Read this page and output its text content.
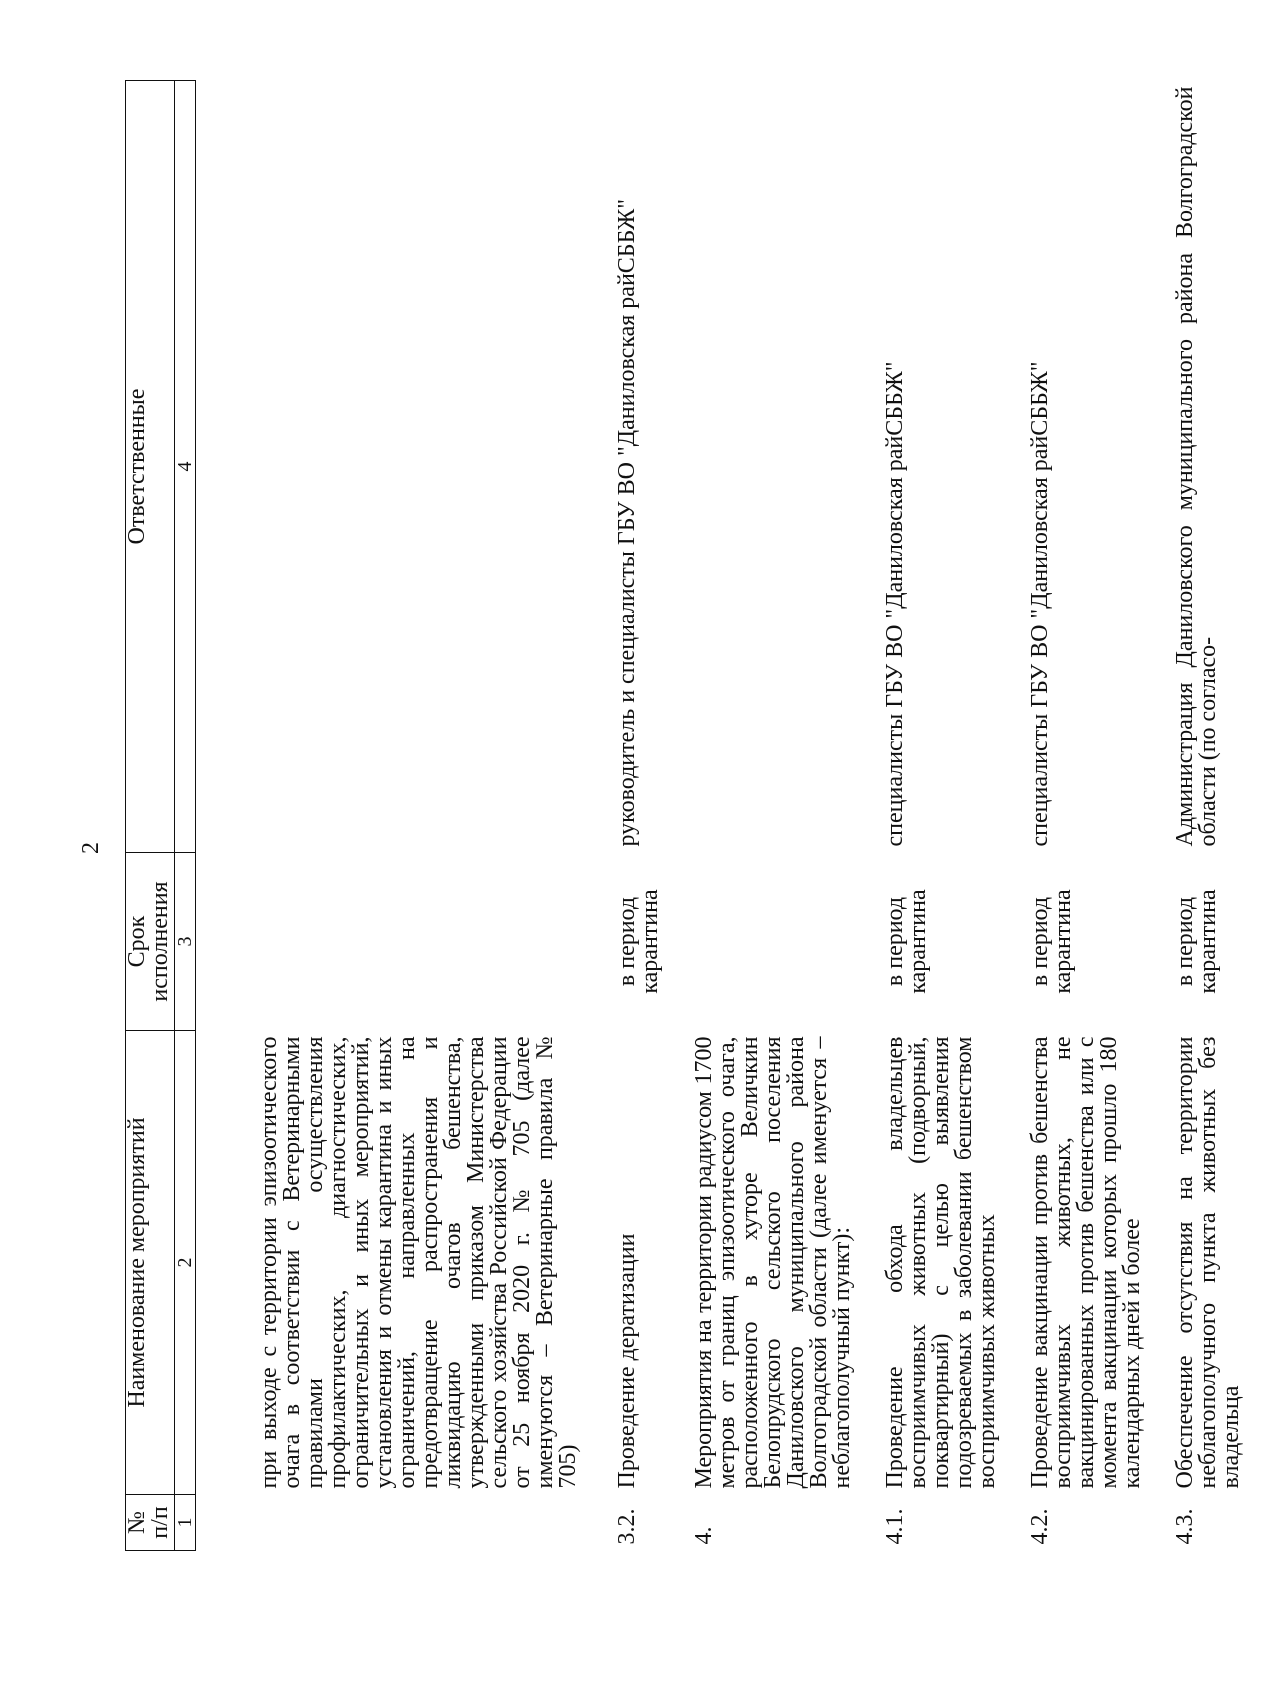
2
№ п/п	Наименование мероприятий	Срок исполнения	Ответственные
1	2	3	4
	при выходе с территории эпизоотического очага в соответствии с Ветеринарными правилами осуществления профилактических, диагностических, ограничительных и иных мероприятий, установления и отмены карантина и иных ограничений, направленных на предотвращение распространения и ликвидацию очагов бешенства, утвержденными приказом Министерства сельского хозяйства Российской Федерации от 25 ноября 2020 г. № 705 (далее именуются – Ветеринарные правила № 705)		
3.2.	Проведение дератизации	в период карантина	руководитель и специалисты ГБУ ВО "Даниловская райСББЖ"
4.	Мероприятия на территории радиусом 1700 метров от границ эпизоотического очага, расположенного в хуторе Величкин Белопрудского сельского поселения Даниловского муниципального района Волгоградской области (далее именуется – неблагополучный пункт):		
4.1.	Проведение обхода владельцев восприимчивых животных (подворный, поквартирный) с целью выявления подозреваемых в заболевании бешенством восприимчивых животных	в период карантина	специалисты ГБУ ВО "Даниловская райСББЖ"
4.2.	Проведение вакцинации против бешенства восприимчивых животных, не вакцинированных против бешенства или с момента вакцинации которых прошло 180 календарных дней и более	в период карантина	специалисты ГБУ ВО "Даниловская райСББЖ"
4.3.	Обеспечение отсутствия на территории неблагополучного пункта животных без владельца	в период карантина	Администрация Даниловского муниципального района Волгоградской области (по согласо-
